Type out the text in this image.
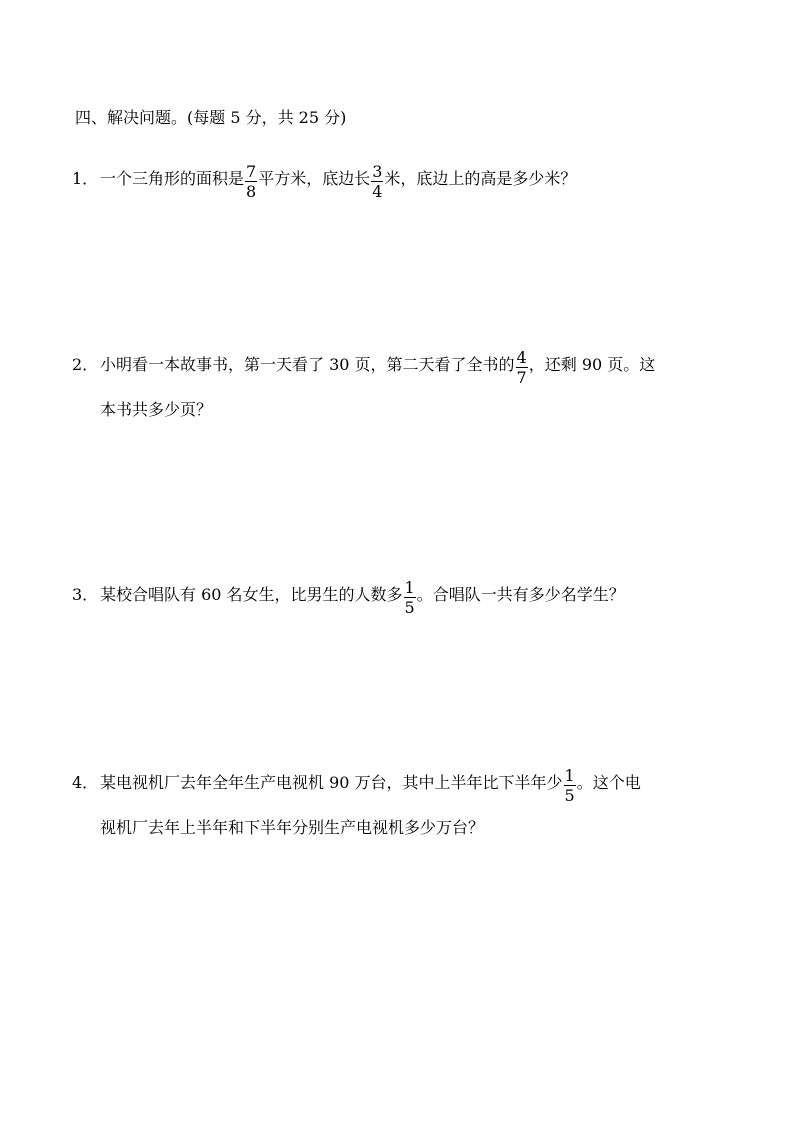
四、解决问题。(每题 5 分，共 25 分)
1． 一个三角形的面积是 $\frac{7}{8}$ 平方米，底边长 $\frac{3}{4}$ 米，底边上的高是多少米？
2． 小明看一本故事书，第一天看了 30 页，第二天看了全书的 $\frac{4}{7}$ ，还剩 90 页。这
本书共多少页？
3． 某校合唱队有 60 名女生，比男生的人数多 $\frac{1}{5}$ 。合唱队一共有多少名学生？
4． 某电视机厂去年全年生产电视机 90 万台，其中上半年比下半年少 $\frac{1}{5}$ 。这个电
视机厂去年上半年和下半年分别生产电视机多少万台？
